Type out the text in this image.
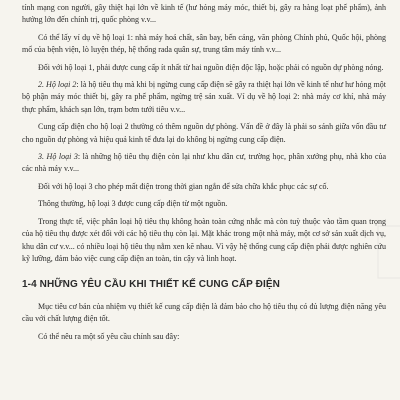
tính mạng con người, gây thiệt hại lớn về kinh tế (hư hỏng máy móc, thiết bị, gây ra hàng loạt phế phẩm), ảnh hưởng lớn đến chính trị, quốc phòng v.v...

Có thể lấy ví dụ về hộ loại 1: nhà máy hoá chất, sân bay, bến cảng, văn phòng Chính phủ, Quốc hội, phòng mổ của bệnh viện, lò luyện thép, hệ thống rada quân sự, trung tâm máy tính v.v...

Đối với hộ loại 1, phải được cung cấp ít nhất từ hai nguồn điện độc lập, hoặc phải có nguồn dự phòng nóng.

2. Hộ loại 2: là hộ tiêu thụ mà khi bị ngừng cung cấp điện sẽ gây ra thiệt hại lớn về kinh tế như hư hỏng một bộ phận máy móc thiết bị, gây ra phế phẩm, ngừng trệ sản xuất. Ví dụ về hộ loại 2: nhà máy cơ khí, nhà máy thực phẩm, khách sạn lớn, trạm bơm tưới tiêu v.v...

Cung cấp điện cho hộ loại 2 thường có thêm nguồn dự phòng. Vấn đề ở đây là phải so sánh giữa vốn đầu tư cho nguồn dự phòng và hiệu quả kinh tế đưa lại do không bị ngừng cung cấp điện.

3. Hộ loại 3: là những hộ tiêu thụ điện còn lại như khu dân cư, trường học, phân xưởng phụ, nhà kho của các nhà máy v.v...

Đối với hộ loại 3 cho phép mất điện trong thời gian ngắn để sửa chữa khắc phục các sự cố.

Thông thường, hộ loại 3 được cung cấp điện từ một nguồn.

Trong thực tế, việc phân loại hộ tiêu thụ không hoàn toàn cứng nhắc mà còn tuỳ thuộc vào tầm quan trọng của hộ tiêu thụ được xét đối với các hộ tiêu thụ còn lại. Mặt khác trong một nhà máy, một cơ sở sản xuất dịch vụ, khu dân cư v.v... có nhiều loại hộ tiêu thụ nằm xen kẽ nhau. Vì vậy hệ thống cung cấp điện phải được nghiên cứu kỹ lưỡng, đảm bảo việc cung cấp điện an toàn, tin cậy và linh hoạt.

1-4 NHỮNG YÊU CẦU KHI THIẾT KẾ CUNG CẤP ĐIỆN

Mục tiêu cơ bản của nhiệm vụ thiết kế cung cấp điện là đảm bảo cho hộ tiêu thụ có đủ lượng điện năng yêu cầu với chất lượng điện tốt.

Có thể nêu ra một số yêu cầu chính sau đây:
